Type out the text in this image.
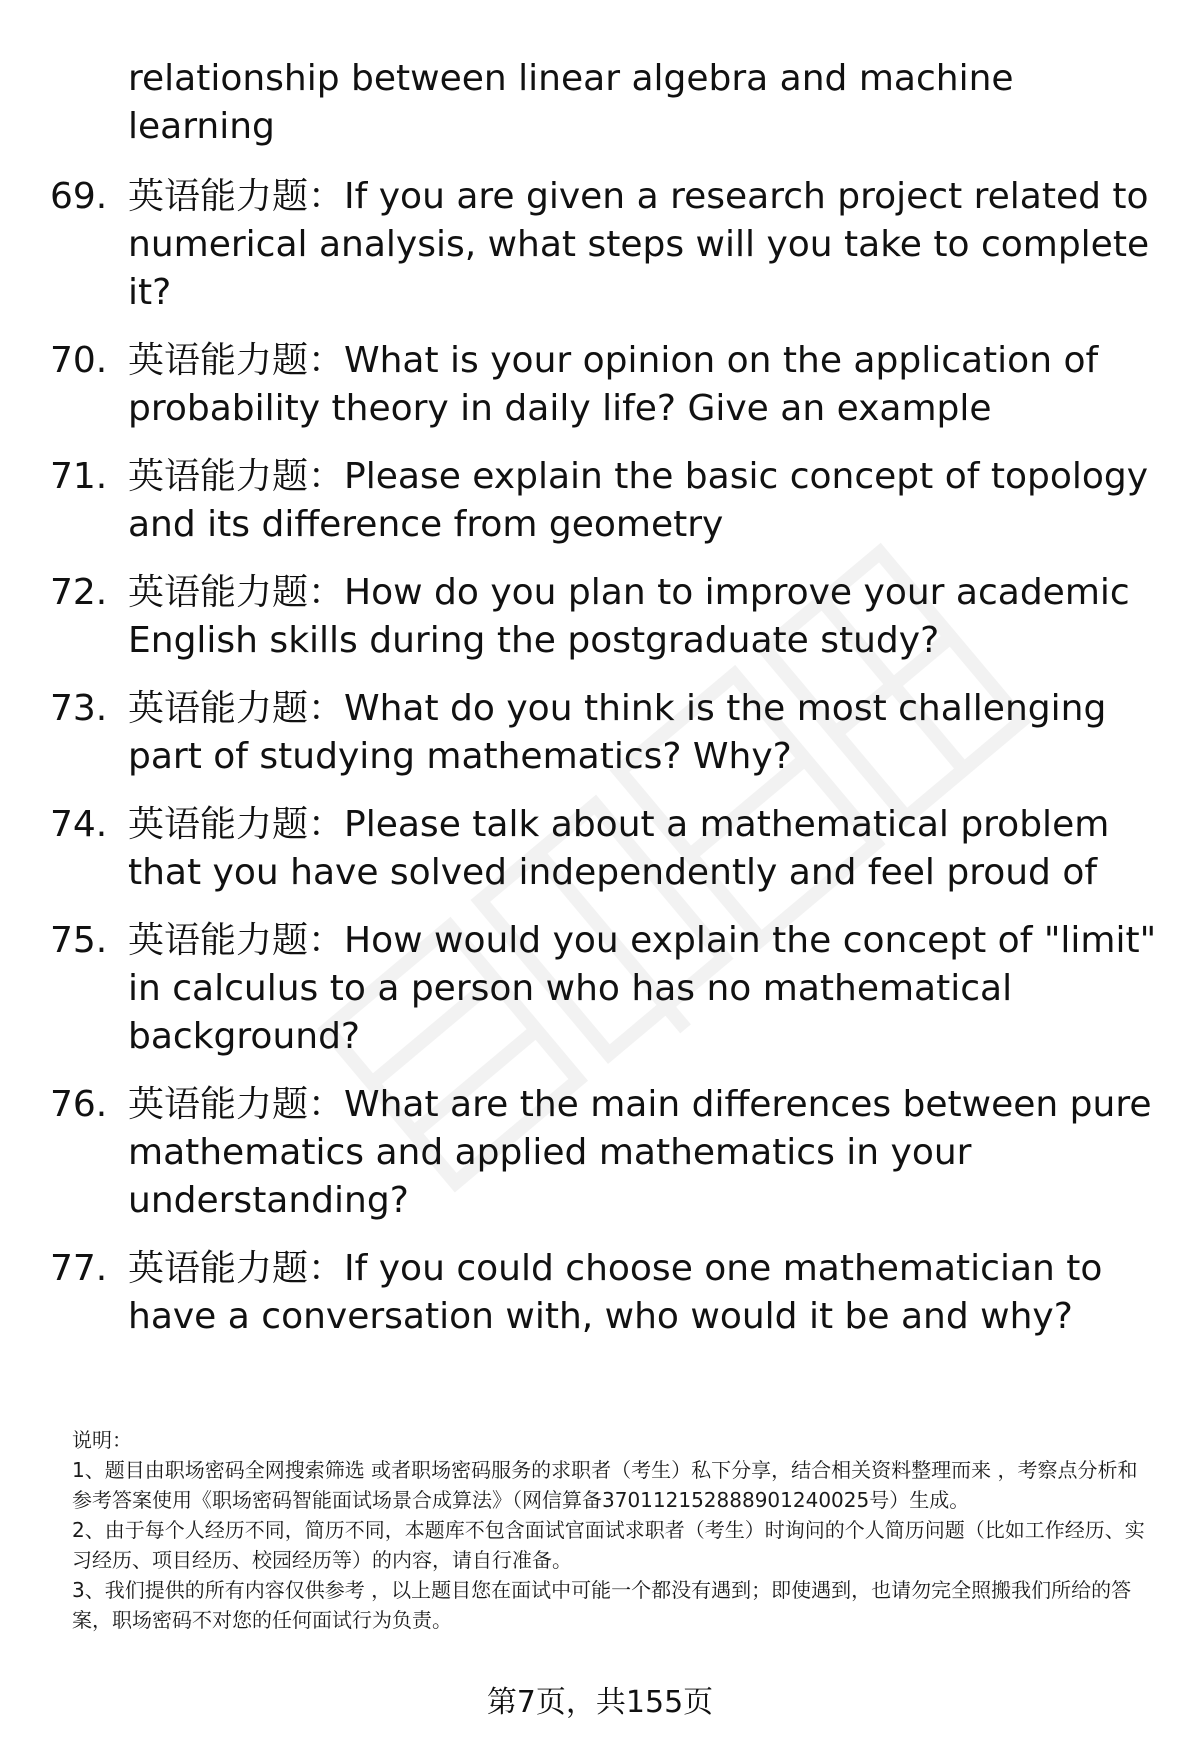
relationship between linear algebra and machine learning
69. 英语能力题：If you are given a research project related to numerical analysis, what steps will you take to complete it?
70. 英语能力题：What is your opinion on the application of probability theory in daily life? Give an example
71. 英语能力题：Please explain the basic concept of topology and its difference from geometry
72. 英语能力题：How do you plan to improve your academic English skills during the postgraduate study?
73. 英语能力题：What do you think is the most challenging part of studying mathematics? Why?
74. 英语能力题：Please talk about a mathematical problem that you have solved independently and feel proud of
75. 英语能力题：How would you explain the concept of "limit" in calculus to a person who has no mathematical background?
76. 英语能力题：What are the main differences between pure mathematics and applied mathematics in your understanding?
77. 英语能力题：If you could choose one mathematician to have a conversation with, who would it be and why?

说明：

1、题目由职场密码全网搜索筛选 或者职场密码服务的求职者（考生）私下分享，结合相关资料整理而来 ，考察点分析和参考答案使用《职场密码智能面试场景合成算法》（网信算备370112152888901240025号）生成。

2、由于每个人经历不同，简历不同，本题库不包含面试官面试求职者（考生）时询问的个人简历问题（比如工作经历、实习经历、项目经历、校园经历等）的内容，请自行准备。

3、我们提供的所有内容仅供参考 ，以上题目您在面试中可能一个都没有遇到；即使遇到，也请勿完全照搬我们所给的答案，职场密码不对您的任何面试行为负责。

第7页，共155页
